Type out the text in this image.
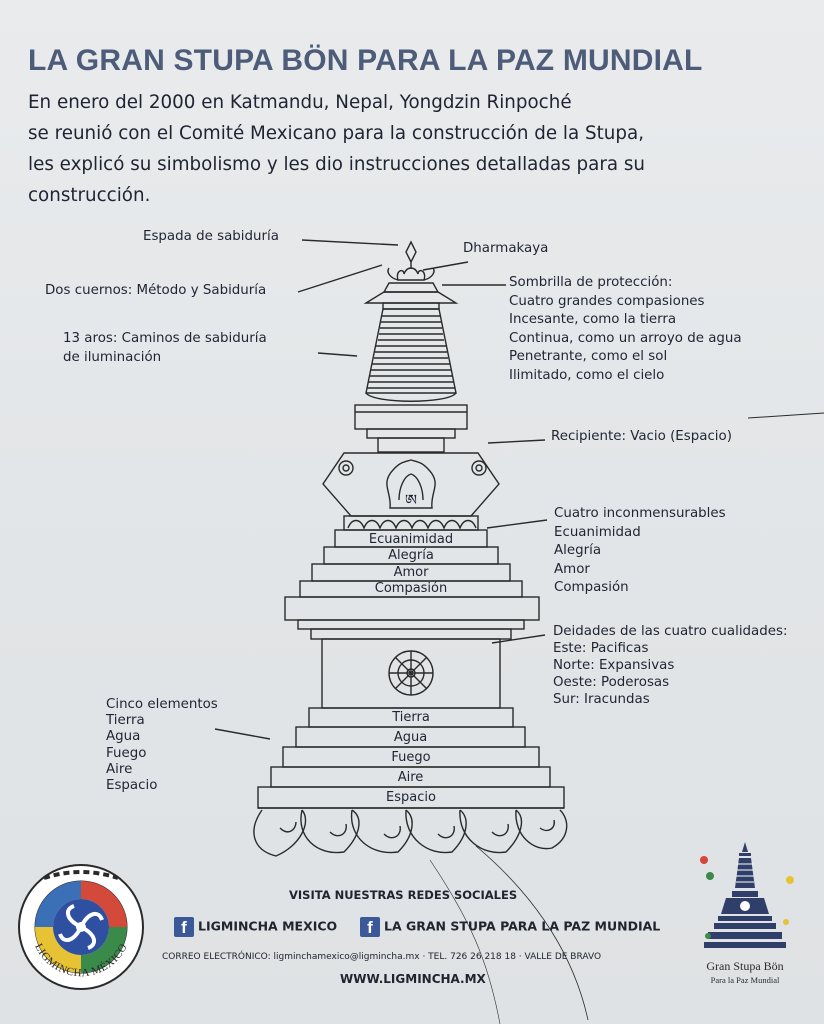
LA GRAN STUPA BÖN PARA LA PAZ MUNDIAL
En enero del 2000 en Katmandu, Nepal, Yongdzin Rinpoché
se reunió con el Comité Mexicano para la construcción de la Stupa,
les explicó su simbolismo y les dio instrucciones detalladas para su
construcción.
Ecuanimidad
Alegría
Amor
Compasión
ཨ
Tierra
Agua
Fuego
Aire
Espacio
Espada de sabiduría
Dharmakaya
Dos cuernos: Método y Sabiduría
13 aros: Caminos de sabiduría
de iluminación
Sombrilla de protección:
Cuatro grandes compasiones
Incesante, como la tierra
Continua, como un arroyo de agua
Penetrante, como el sol
Ilimitado, como el cielo
Recipiente: Vacio (Espacio)
Cuatro inconmensurables
Ecuanimidad
Alegría
Amor
Compasión
Deidades de las cuatro cualidades:
Este: Pacificas
Norte: Expansivas
Oeste: Poderosas
Sur: Iracundas
Cinco elementos
Tierra
Agua
Fuego
Aire
Espacio
LIGMINCHA MÉXICO
Gran Stupa Bön
Para la Paz Mundial
VISITA NUESTRAS REDES SOCIALES
f LIGMINCHA MEXICO	f LA GRAN STUPA PARA LA PAZ MUNDIAL
CORREO ELECTRÓNICO: ligminchamexico@ligmincha.mx · TEL. 726 26 218 18 · VALLE DE BRAVO
WWW.LIGMINCHA.MX
